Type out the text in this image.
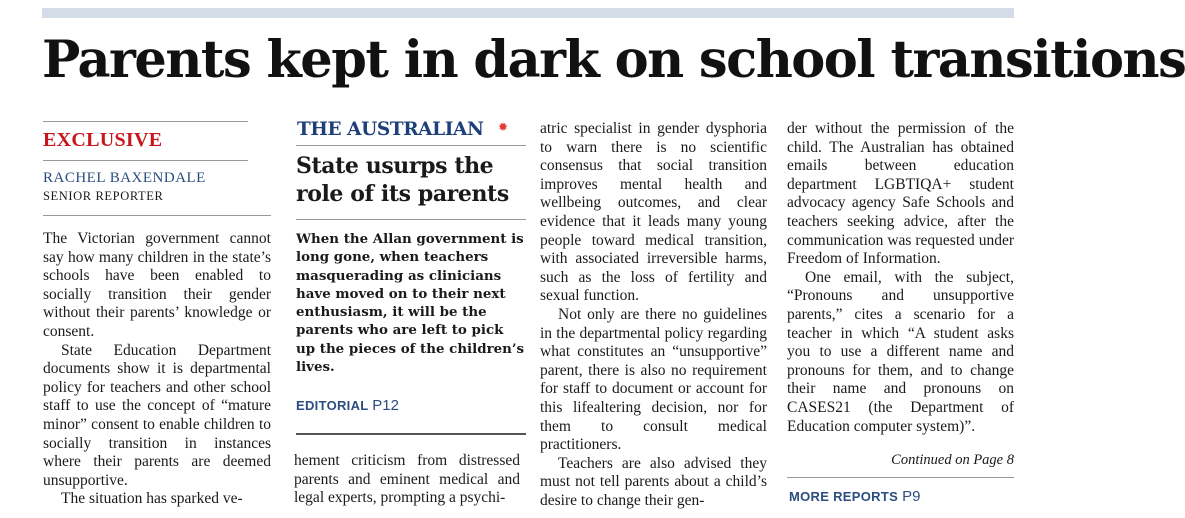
Parents kept in dark on school transitions
EXCLUSIVE
RACHEL BAXENDALE
SENIOR REPORTER

The Victorian government cannot say how many children in the state’s schools have been enabled to socially transition their gender without their parents’ knowledge or consent.

State Education Department documents show it is departmental policy for teachers and other school staff to use the concept of “mature minor” consent to enable children to socially transition in instances where their parents are deemed unsupportive.

The situation has sparked ve-

THE AUSTRALIAN ✹
State usurps the role of its parents

When the Allan government is long gone, when teachers masquerading as clinicians have moved on to their next enthusiasm, it will be the parents who are left to pick up the pieces of the children’s lives.

EDITORIAL P12

hement criticism from distressed parents and eminent medical and legal experts, prompting a psychi-

atric specialist in gender dysphoria to warn there is no scientific consensus that social transition improves mental health and wellbeing outcomes, and clear evidence that it leads many young people toward medical transition, with associated irreversible harms, such as the loss of fertility and sexual function.

Not only are there no guidelines in the departmental policy regarding what constitutes an “unsupportive” parent, there is also no requirement for staff to document or account for this lifealtering decision, nor for them to consult medical practitioners.

Teachers are also advised they must not tell parents about a child’s desire to change their gen-

der without the permission of the child. The Australian has obtained emails between education department LGBTIQA+ student advocacy agency Safe Schools and teachers seeking advice, after the communication was requested under Freedom of Information.

One email, with the subject, “Pronouns and unsupportive parents,” cites a scenario for a teacher in which “A student asks you to use a different name and pronouns for them, and to change their name and pronouns on CASES21 (the Department of Education computer system)”.

Continued on Page 8
MORE REPORTS P9
